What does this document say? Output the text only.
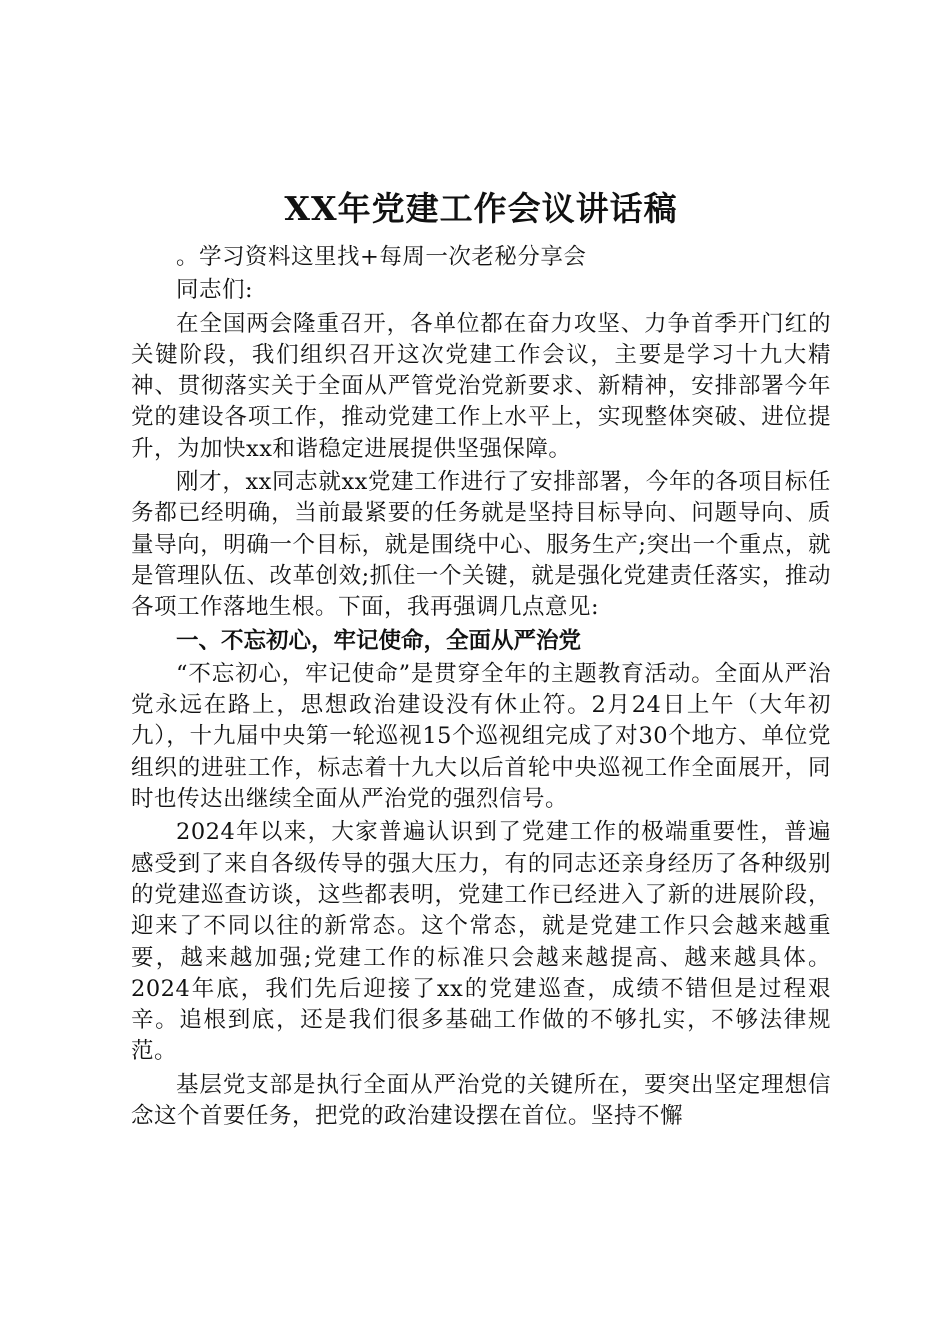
XX年党建工作会议讲话稿

。学习资料这里找+每周一次老秘分享会

同志们:

在全国两会隆重召开，各单位都在奋力攻坚、力争首季开门红的关键阶段，我们组织召开这次党建工作会议，主要是学习十九大精神、贯彻落实关于全面从严管党治党新要求、新精神，安排部署今年党的建设各项工作，推动党建工作上水平上，实现整体突破、进位提升，为加快xx和谐稳定进展提供坚强保障。

刚才，xx同志就xx党建工作进行了安排部署，今年的各项目标任务都已经明确，当前最紧要的任务就是坚持目标导向、问题导向、质量导向，明确一个目标，就是围绕中心、服务生产;突出一个重点，就是管理队伍、改革创效;抓住一个关键，就是强化党建责任落实，推动各项工作落地生根。下面，我再强调几点意见:

一、不忘初心，牢记使命，全面从严治党

“不忘初心，牢记使命”是贯穿全年的主题教育活动。全面从严治党永远在路上，思想政治建设没有休止符。2月24日上午（大年初九），十九届中央第一轮巡视15个巡视组完成了对30个地方、单位党组织的进驻工作，标志着十九大以后首轮中央巡视工作全面展开，同时也传达出继续全面从严治党的强烈信号。

2024年以来，大家普遍认识到了党建工作的极端重要性，普遍感受到了来自各级传导的强大压力，有的同志还亲身经历了各种级别的党建巡查访谈，这些都表明，党建工作已经进入了新的进展阶段，迎来了不同以往的新常态。这个常态，就是党建工作只会越来越重要，越来越加强;党建工作的标准只会越来越提高、越来越具体。2024年底，我们先后迎接了xx的党建巡查，成绩不错但是过程艰辛。追根到底，还是我们很多基础工作做的不够扎实，不够法律规范。

基层党支部是执行全面从严治党的关键所在，要突出坚定理想信念这个首要任务，把党的政治建设摆在首位。坚持不懈
